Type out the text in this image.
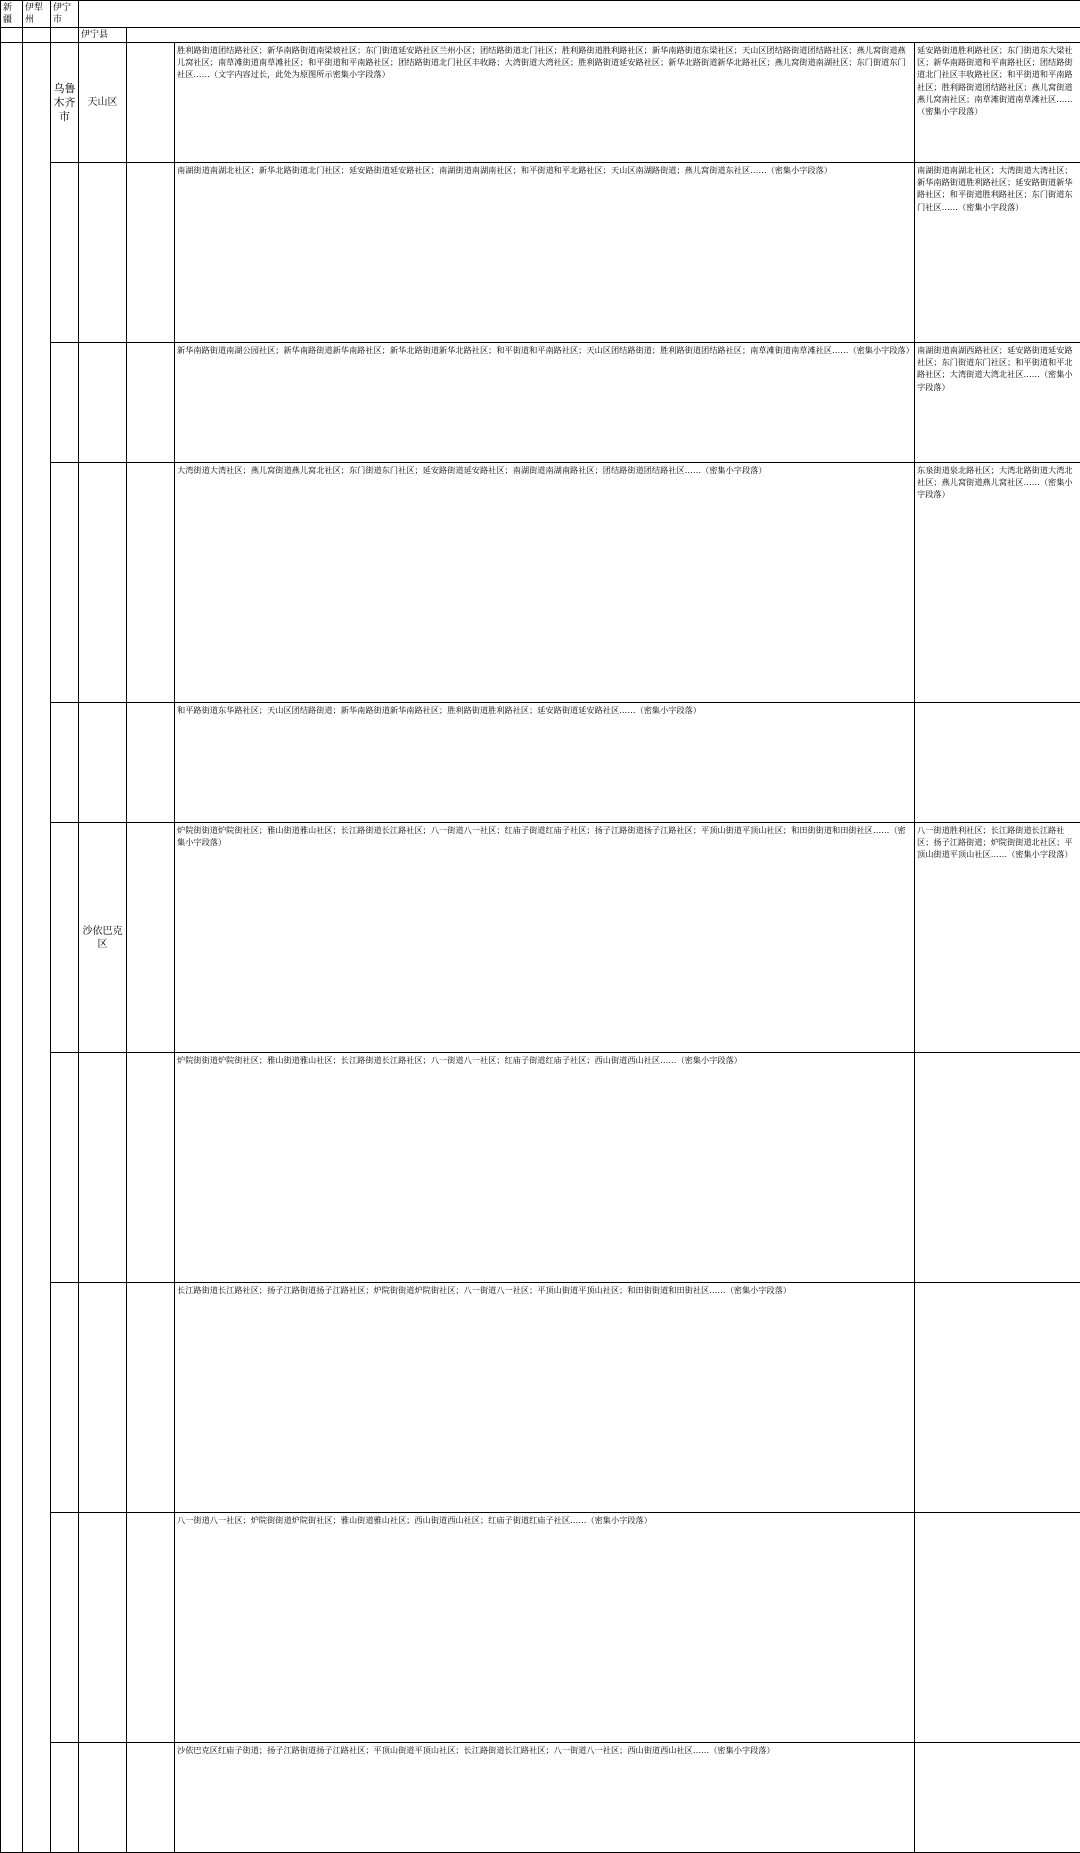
新疆	伊犁州	伊宁市				
			伊宁县			
		乌鲁木齐市	天山区		胜利路街道团结路社区；新华南路街道南梁坡社区；东门街道延安路社区兰州小区；团结路街道北门社区；胜利路街道胜利路社区；新华南路街道东梁社区；天山区团结路街道团结路社区；燕儿窝街道燕儿窝社区；南草滩街道南草滩社区；和平街道和平南路社区；团结路街道北门社区丰收路；大湾街道大湾社区；胜利路街道延安路社区；新华北路街道新华北路社区；燕儿窝街道南湖社区；东门街道东门社区……（文字内容过长，此处为原图所示密集小字段落）	延安路街道胜利路社区；东门街道东大梁社区；新华南路街道和平南路社区；团结路街道北门社区丰收路社区；和平街道和平南路社区；胜利路街道团结路社区；燕儿窝街道燕儿窝南社区；南草滩街道南草滩社区……（密集小字段落）
					南湖街道南湖北社区；新华北路街道北门社区；延安路街道延安路社区；南湖街道南湖南社区；和平街道和平北路社区；天山区南湖路街道；燕儿窝街道东社区……（密集小字段落）	南湖街道南湖北社区；大湾街道大湾社区；新华南路街道胜利路社区；延安路街道新华路社区；和平街道胜利路社区；东门街道东门社区……（密集小字段落）
					新华南路街道南湖公园社区；新华南路街道新华南路社区；新华北路街道新华北路社区；和平街道和平南路社区；天山区团结路街道；胜利路街道团结路社区；南草滩街道南草滩社区……（密集小字段落）	南湖街道南湖西路社区；延安路街道延安路社区；东门街道东门社区；和平街道和平北路社区；大湾街道大湾北社区……（密集小字段落）
					大湾街道大湾社区；燕儿窝街道燕儿窝北社区；东门街道东门社区；延安路街道延安路社区；南湖街道南湖南路社区；团结路街道团结路社区……（密集小字段落）	东泉街道泉北路社区；大湾北路街道大湾北社区；燕儿窝街道燕儿窝社区……（密集小字段落）
					和平路街道东华路社区；天山区团结路街道；新华南路街道新华南路社区；胜利路街道胜利路社区；延安路街道延安路社区……（密集小字段落）	
			沙依巴克区		炉院街街道炉院街社区；雅山街道雅山社区；长江路街道长江路社区；八一街道八一社区；红庙子街道红庙子社区；扬子江路街道扬子江路社区；平顶山街道平顶山社区；和田街街道和田街社区……（密集小字段落）	八一街道胜利社区；长江路街道长江路社区；扬子江路街道；炉院街街道北社区；平顶山街道平顶山社区……（密集小字段落）
					炉院街街道炉院街社区；雅山街道雅山社区；长江路街道长江路社区；八一街道八一社区；红庙子街道红庙子社区；西山街道西山社区……（密集小字段落）	
					长江路街道长江路社区；扬子江路街道扬子江路社区；炉院街街道炉院街社区；八一街道八一社区；平顶山街道平顶山社区；和田街街道和田街社区……（密集小字段落）	
					八一街道八一社区；炉院街街道炉院街社区；雅山街道雅山社区；西山街道西山社区；红庙子街道红庙子社区……（密集小字段落）	
					沙依巴克区红庙子街道；扬子江路街道扬子江路社区；平顶山街道平顶山社区；长江路街道长江路社区；八一街道八一社区；西山街道西山社区……（密集小字段落）	
